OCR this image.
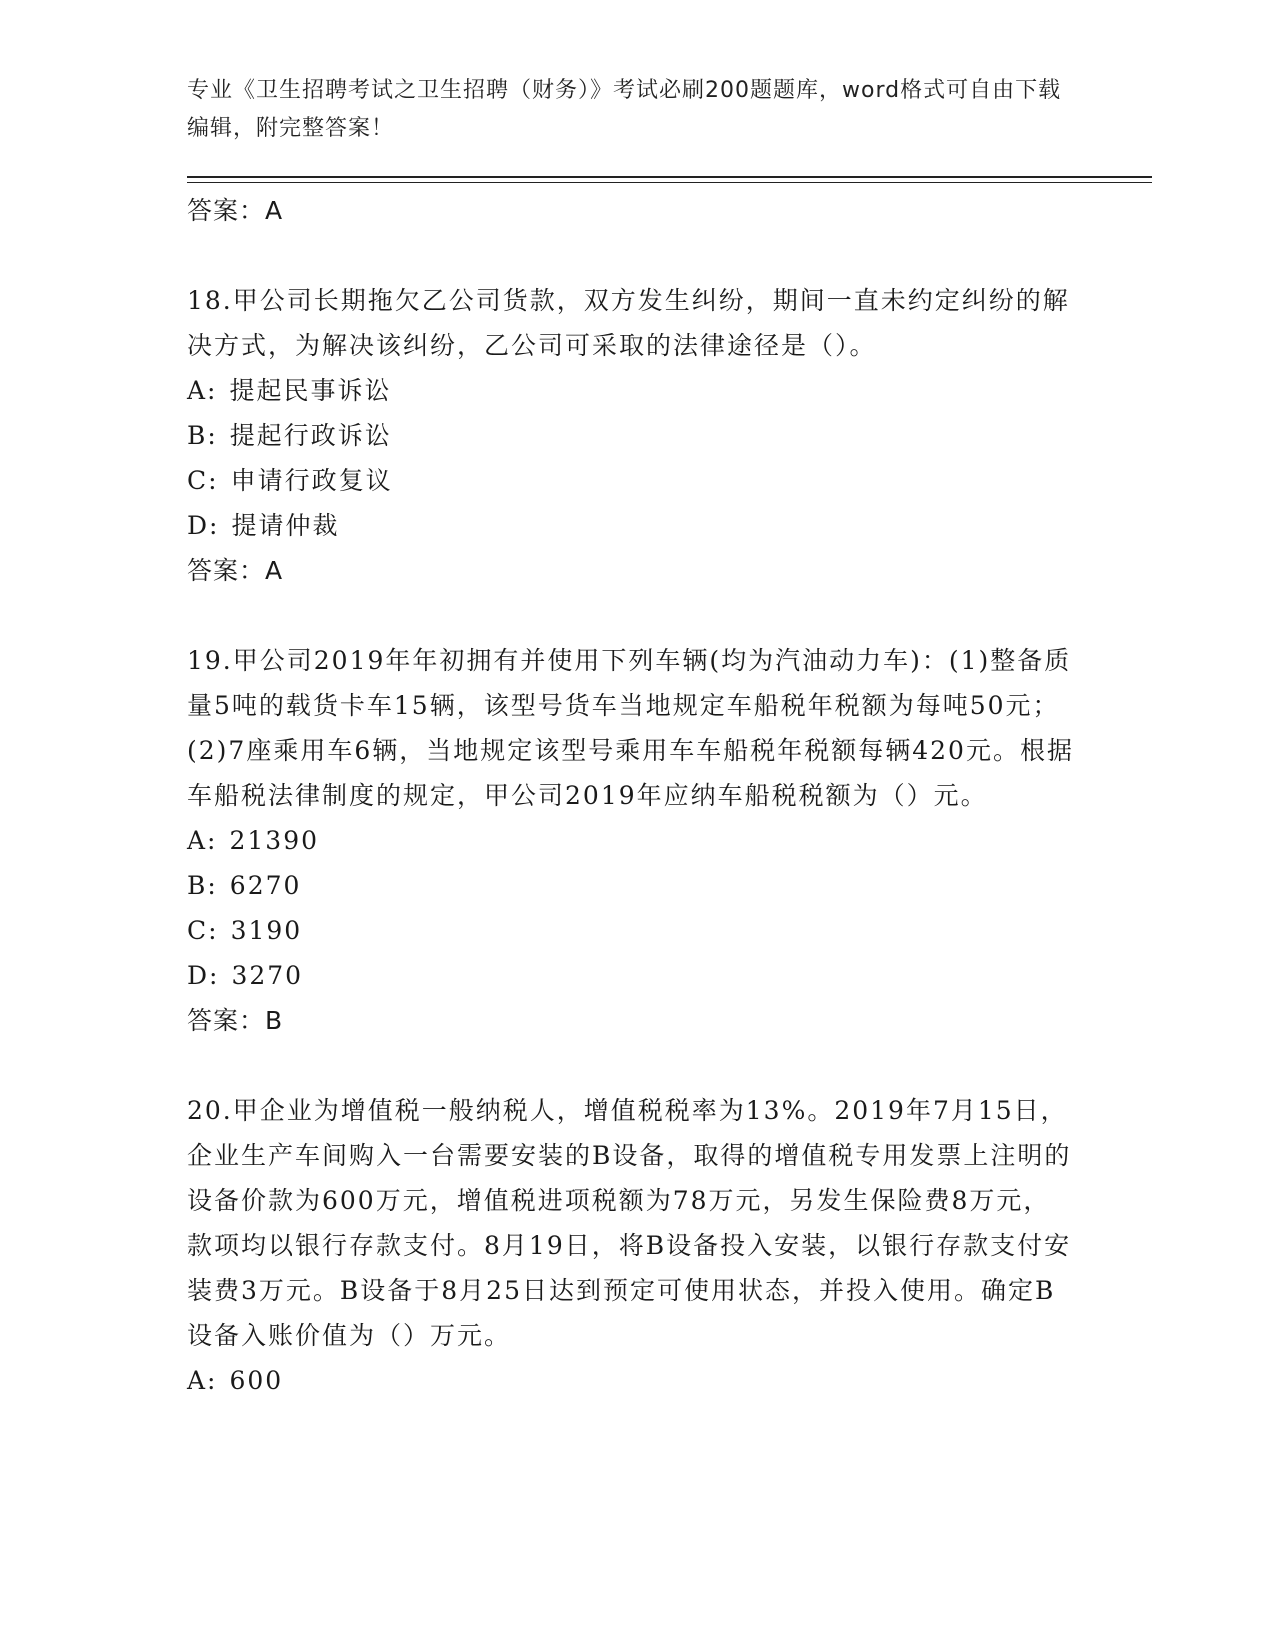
专业《卫生招聘考试之卫生招聘（财务）》考试必刷200题题库，word格式可自由下载编辑，附完整答案！
答案：A

18.甲公司长期拖欠乙公司货款，双方发生纠纷，期间一直未约定纠纷的解决方式，为解决该纠纷，乙公司可采取的法律途径是（）。

A: 提起民事诉讼
B: 提起行政诉讼
C: 申请行政复议
D: 提请仲裁
答案：A

19.甲公司2019年年初拥有并使用下列车辆(均为汽油动力车)：(1)整备质量5吨的载货卡车15辆，该型号货车当地规定车船税年税额为每吨50元；(2)7座乘用车6辆，当地规定该型号乘用车车船税年税额每辆420元。根据车船税法律制度的规定，甲公司2019年应纳车船税税额为（）元。

A: 21390
B: 6270
C: 3190
D: 3270
答案：B

20.甲企业为增值税一般纳税人，增值税税率为13%。2019年7月15日，企业生产车间购入一台需要安装的B设备，取得的增值税专用发票上注明的设备价款为600万元，增值税进项税额为78万元，另发生保险费8万元，款项均以银行存款支付。8月19日，将B设备投入安装，以银行存款支付安装费3万元。B设备于8月25日达到预定可使用状态，并投入使用。确定B设备入账价值为（）万元。

A: 600
